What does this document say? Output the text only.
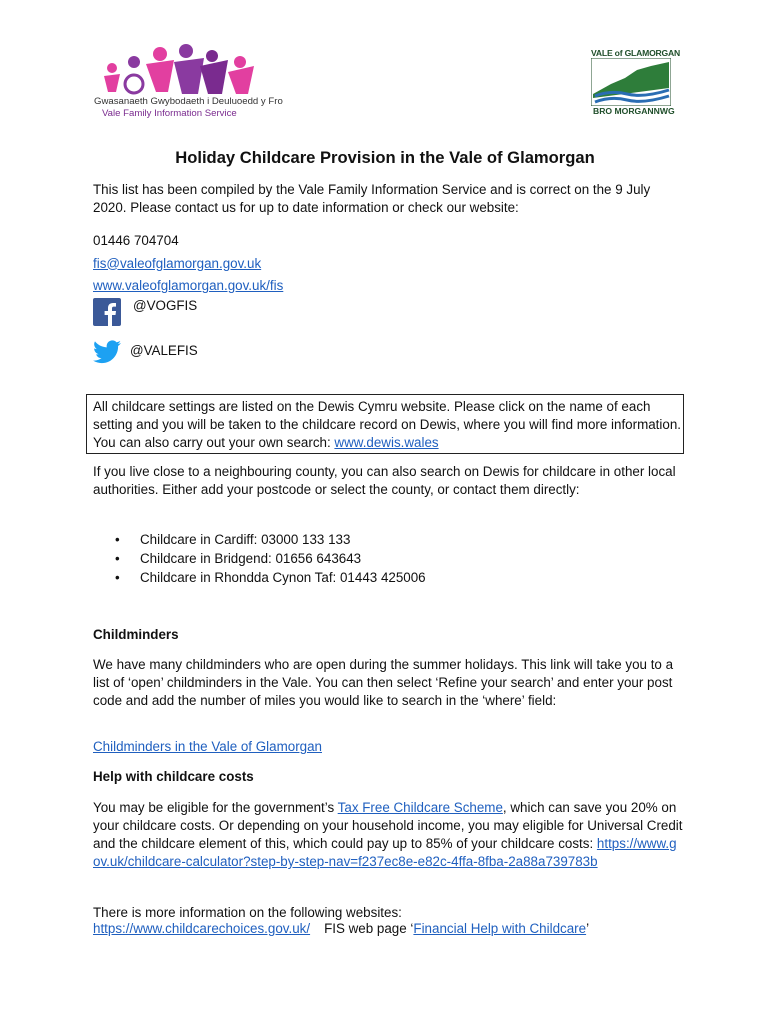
Gwasanaeth Gwybodaeth i Deuluoedd y Fro
Vale Family Information Service
VALE of GLAMORGAN
BRO MORGANNWG
Holiday Childcare Provision in the Vale of Glamorgan
This list has been compiled by the Vale Family Information Service and is correct on the 9 July 2020. Please contact us for up to date information or check our website:
01446 704704
fis@valeofglamorgan.gov.uk
www.valeofglamorgan.gov.uk/fis
@VOGFIS
@VALEFIS
All childcare settings are listed on the Dewis Cymru website. Please click on the name of each setting and you will be taken to the childcare record on Dewis, where you will find more information. You can also carry out your own search: www.dewis.wales
If you live close to a neighbouring county, you can also search on Dewis for childcare in other local authorities. Either add your postcode or select the county, or contact them directly:
• Childcare in Cardiff: 03000 133 133
• Childcare in Bridgend: 01656 643643
• Childcare in Rhondda Cynon Taf: 01443 425006
Childminders
We have many childminders who are open during the summer holidays. This link will take you to a list of ‘open’ childminders in the Vale. You can then select ‘Refine your search’ and enter your post code and add the number of miles you would like to search in the ‘where’ field:
Childminders in the Vale of Glamorgan
Help with childcare costs
You may be eligible for the government’s Tax Free Childcare Scheme, which can save you 20% on your childcare costs. Or depending on your household income, you may eligible for Universal Credit and the childcare element of this, which could pay up to 85% of your childcare costs: https://www.gov.uk/childcare-calculator?step-by-step-nav=f237ec8e-e82c-4ffa-8fba-2a88a739783b
There is more information on the following websites:
https://www.childcarechoices.gov.uk/ FIS web page ‘Financial Help with Childcare’
